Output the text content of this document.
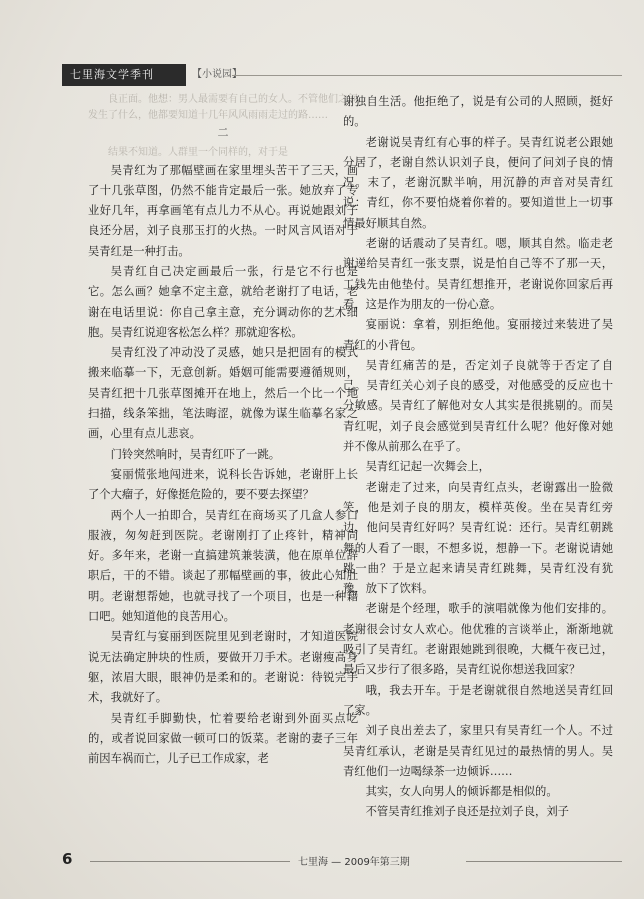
七里海文学季刊	【小说园】

良正面。他想：男人最需要有自己的女人。不管他们之间发生了什么，他都要知道十几年风风雨雨走过的路……

二

结果不知道。人群里一个同样的，对于是

吴青红为了那幅壁画在家里埋头苦干了三天，画了十几张草图，仍然不能肯定最后一张。她放弃了专业好几年，再拿画笔有点儿力不从心。再说她跟刘子良还分居，刘子良那玉打的火热。一时风言风语对于吴青红是一种打击。

吴青红自己决定画最后一张，行是它不行也是它。怎么画？她拿不定主意，就给老谢打了电话，老谢在电话里说：你自己拿主意，充分调动你的艺术细胞。吴青红说迎客松怎么样？那就迎客松。

吴青红没了冲动没了灵感，她只是把固有的模式搬来临摹一下，无意创新。婚姻可能需要遵循规则，吴青红把十几张草图摊开在地上，然后一个比一个地扫描，线条笨拙，笔法晦涩，就像为谋生临摹名家之画，心里有点儿悲哀。

门铃突然响时，吴青红吓了一跳。

宴丽慌张地闯进来，说科长告诉她，老谢肝上长了个大瘤子，好像挺危险的，要不要去探望？

两个人一拍即合，吴青红在商场买了几盒人参口服液，匆匆赶到医院。老谢刚打了止疼针，精神尚好。多年来，老谢一直搞建筑兼装潢，他在原单位辞职后，干的不错。谈起了那幅壁画的事，彼此心知肚明。老谢想帮她，也就寻找了一个项目，也是一种籍口吧。她知道他的良苦用心。

吴青红与宴丽到医院里见到老谢时，才知道医院说无法确定肿块的性质，要做开刀手术。老谢瘦高身躯，浓眉大眼，眼神仍是柔和的。老谢说：待锐完手术，我就好了。

吴青红手脚勤快，忙着要给老谢到外面买点吃的，或者说回家做一顿可口的饭菜。老谢的妻子三年前因车祸而亡，儿子已工作成家，老

谢独自生活。他拒绝了，说是有公司的人照顾，挺好的。

老谢说吴青红有心事的样子。吴青红说老公跟她分居了，老谢自然认识刘子良，便问了问刘子良的情况。末了，老谢沉默半响，用沉静的声音对吴青红说：青红，你不要怕烧着你着的。要知道世上一切事情最好顺其自然。

老谢的话震动了吴青红。嗯，顺其自然。临走老谢递给吴青红一张支票，说是怕自己等不了那一天，工钱先由他垫付。吴青红想推开，老谢说你回家后再看，这是作为朋友的一份心意。

宴丽说：拿着，别拒绝他。宴丽接过来装进了吴青红的小背包。

吴青红痛苦的是，否定刘子良就等于否定了自己。吴青红关心刘子良的感受，对他感受的反应也十分敏感。吴青红了解他对女人其实是很挑剔的。而吴青红呢，刘子良会感觉到吴青红什么呢？他好像对她并不像从前那么在乎了。

吴青红记起一次舞会上，

老谢走了过来，向吴青红点头，老谢露出一脸微笑，他是刘子良的朋友，模样英俊。坐在吴青红旁边，他问吴青红好吗？吴青红说：还行。吴青红朝跳舞的人看了一眼，不想多说，想静一下。老谢说请她跳一曲？于是立起来请吴青红跳舞，吴青红没有犹豫，放下了饮料。

老谢是个经理，歌手的演唱就像为他们安排的。老谢很会讨女人欢心。他优雅的言谈举止，渐渐地就吸引了吴青红。老谢跟她跳到很晚，大概午夜已过，最后又步行了很多路，吴青红说你想送我回家？

哦，我去开车。于是老谢就很自然地送吴青红回了家。

刘子良出差去了，家里只有吴青红一个人。不过吴青红承认，老谢是吴青红见过的最热情的男人。吴青红他们一边喝绿茶一边倾诉……

其实，女人向男人的倾诉都是相似的。

不管吴青红推刘子良还是拉刘子良，刘子

6	七里海 — 2009年第三期
